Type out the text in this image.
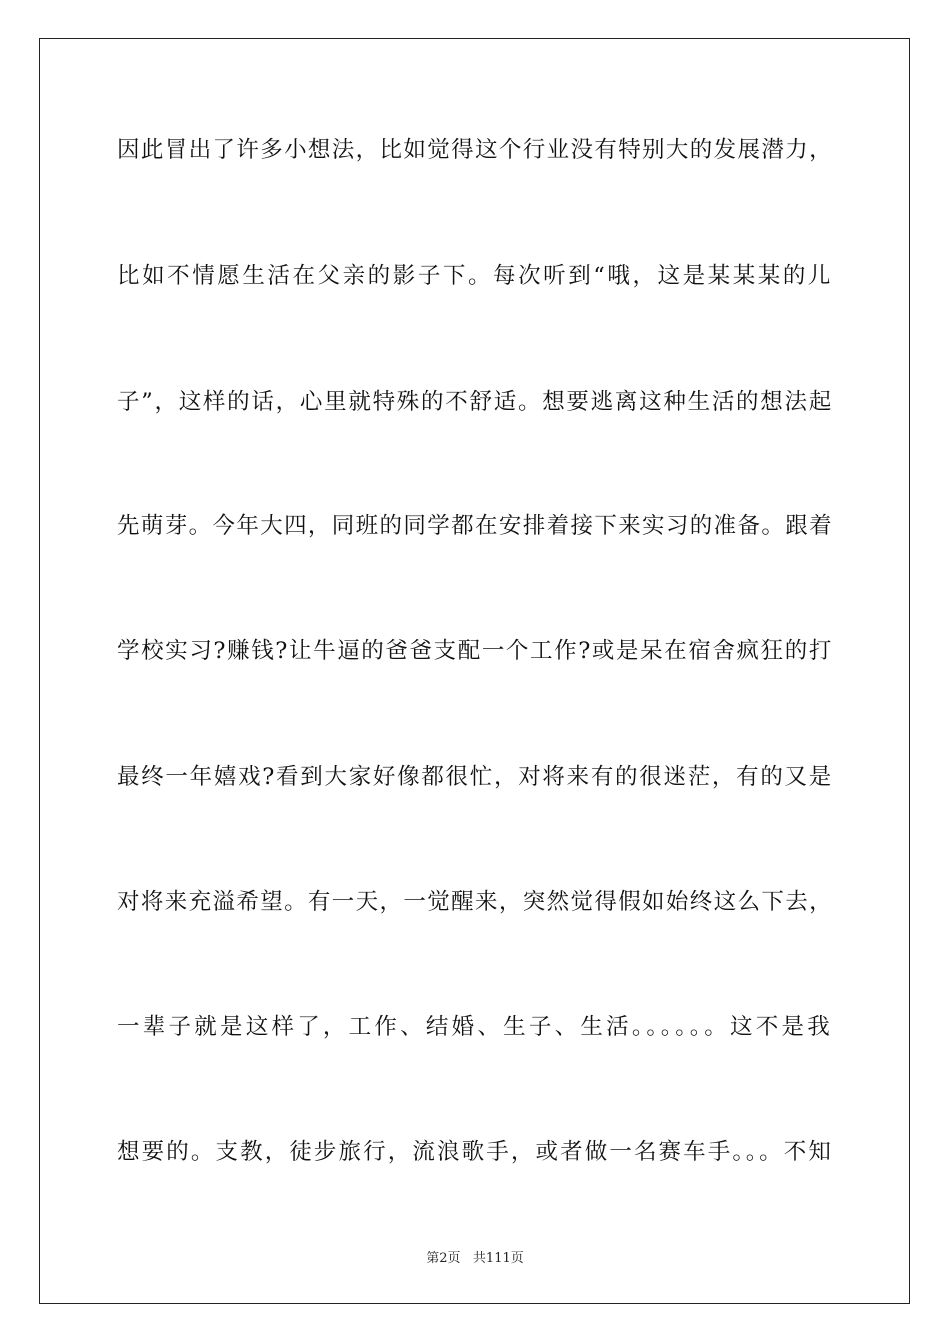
因此冒出了许多小想法，比如觉得这个行业没有特别大的发展潜力，
比如不情愿生活在父亲的影子下。每次听到“哦，这是某某某的儿
子”，这样的话，心里就特殊的不舒适。想要逃离这种生活的想法起
先萌芽。今年大四，同班的同学都在安排着接下来实习的准备。跟着
学校实习?赚钱?让牛逼的爸爸支配一个工作?或是呆在宿舍疯狂的打
最终一年嬉戏?看到大家好像都很忙，对将来有的很迷茫，有的又是
对将来充溢希望。有一天，一觉醒来，突然觉得假如始终这么下去，
一辈子就是这样了，工作、结婚、生子、生活。。。。。。这不是我
想要的。支教，徒步旅行，流浪歌手，或者做一名赛车手。。。不知
第2页 共111页
